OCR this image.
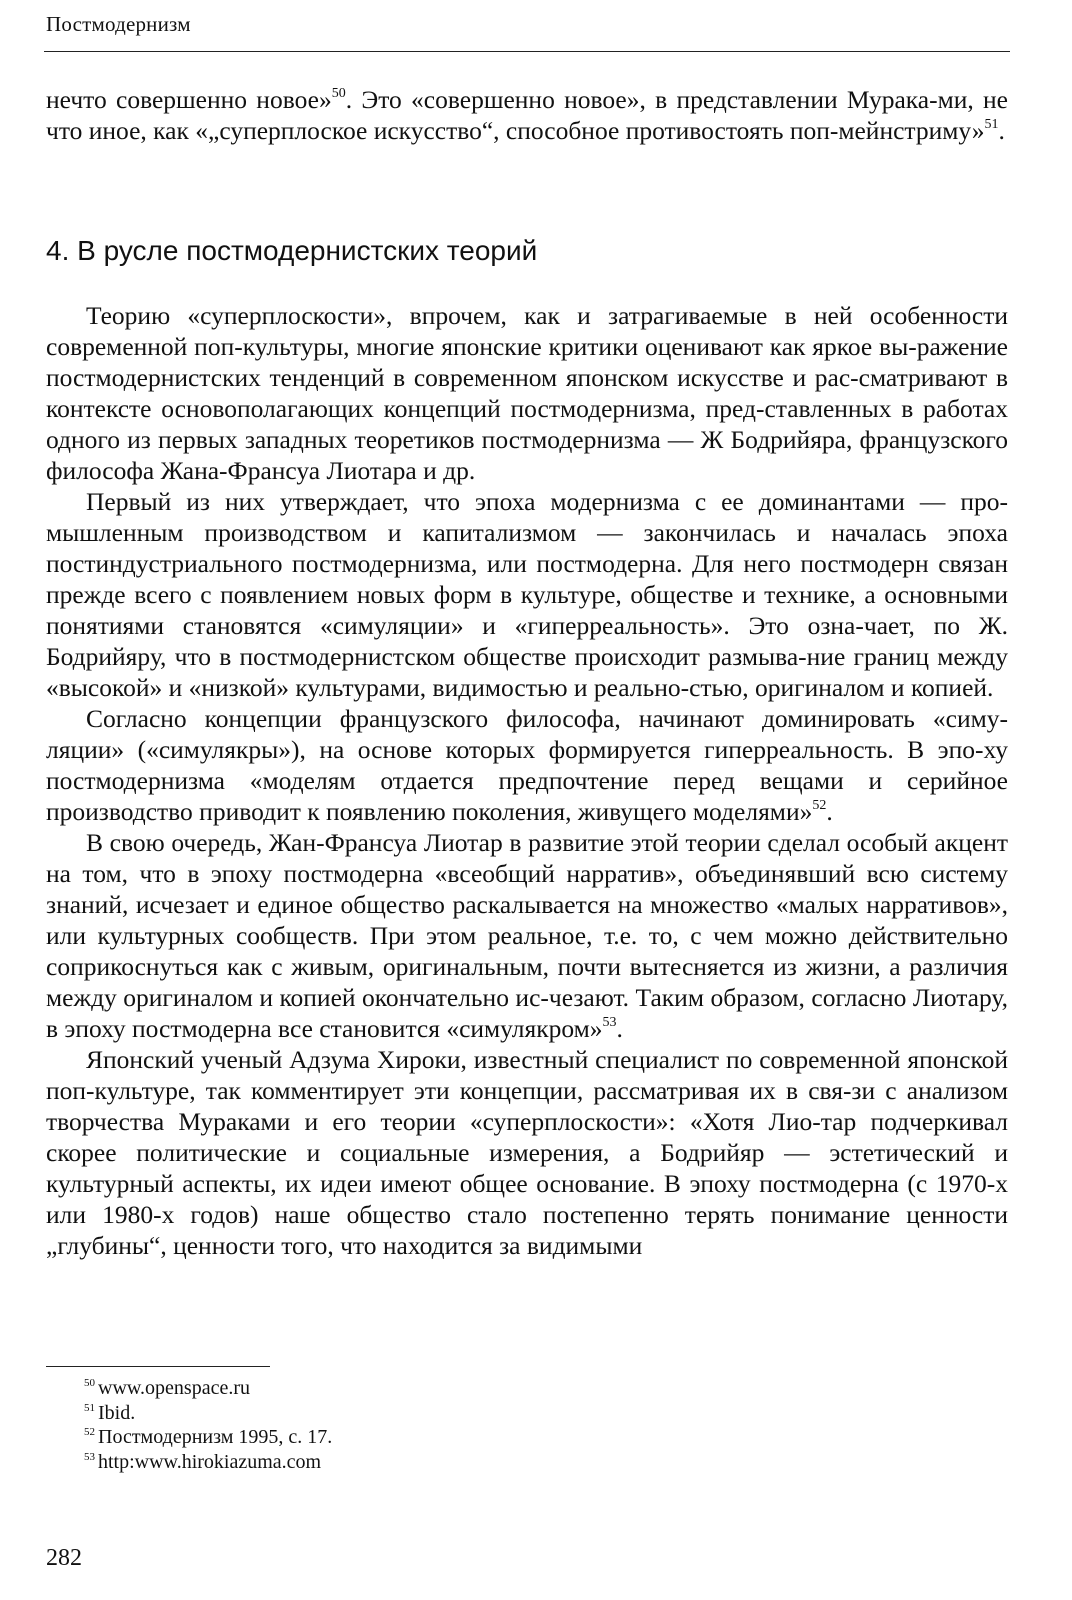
Постмодернизм

нечто совершенно новое»$^{50}$. Это «совершенно новое», в представлении Мурака-ми, не что иное, как «„суперплоское искусство“, способное противостоять поп-мейнстриму»$^{51}$.

4. В русле постмодернистских теорий

Теорию «суперплоскости», впрочем, как и затрагиваемые в ней особенности современной поп-культуры, многие японские критики оценивают как яркое вы-ражение постмодернистских тенденций в современном японском искусстве и рас-сматривают в контексте основополагающих концепций постмодернизма, пред-ставленных в работах одного из первых западных теоретиков постмодернизма — Ж Бодрийяра, французского философа Жана-Франсуа Лиотара и др.

Первый из них утверждает, что эпоха модернизма с ее доминантами — про-мышленным производством и капитализмом — закончилась и началась эпоха постиндустриального постмодернизма, или постмодерна. Для него постмодерн связан прежде всего с появлением новых форм в культуре, обществе и технике, а основными понятиями становятся «симуляции» и «гиперреальность». Это озна-чает, по Ж. Бодрийяру, что в постмодернистском обществе происходит размыва-ние границ между «высокой» и «низкой» культурами, видимостью и реально-стью, оригиналом и копией.

Согласно концепции французского философа, начинают доминировать «симу-ляции» («симулякры»), на основе которых формируется гиперреальность. В эпо-ху постмодернизма «моделям отдается предпочтение перед вещами и серийное производство приводит к появлению поколения, живущего моделями»$^{52}$.

В свою очередь, Жан-Франсуа Лиотар в развитие этой теории сделал особый акцент на том, что в эпоху постмодерна «всеобщий нарратив», объединявший всю систему знаний, исчезает и единое общество раскалывается на множество «малых нарративов», или культурных сообществ. При этом реальное, т.е. то, с чем можно действительно соприкоснуться как с живым, оригинальным, почти вытесняется из жизни, а различия между оригиналом и копией окончательно ис-чезают. Таким образом, согласно Лиотару, в эпоху постмодерна все становится «симулякром»$^{53}$.

Японский ученый Адзума Хироки, известный специалист по современной японской поп-культуре, так комментирует эти концепции, рассматривая их в свя-зи с анализом творчества Мураками и его теории «суперплоскости»: «Хотя Лио-тар подчеркивал скорее политические и социальные измерения, а Бодрийяр — эстетический и культурный аспекты, их идеи имеют общее основание. В эпоху постмодерна (с 1970-х или 1980-х годов) наше общество стало постепенно терять понимание ценности „глубины“, ценности того, что находится за видимыми

$^{50}$ www.openspace.ru
$^{51}$ Ibid.
$^{52}$ Постмодернизм 1995, с. 17.
$^{53}$ http:www.hirokiazuma.com
282
